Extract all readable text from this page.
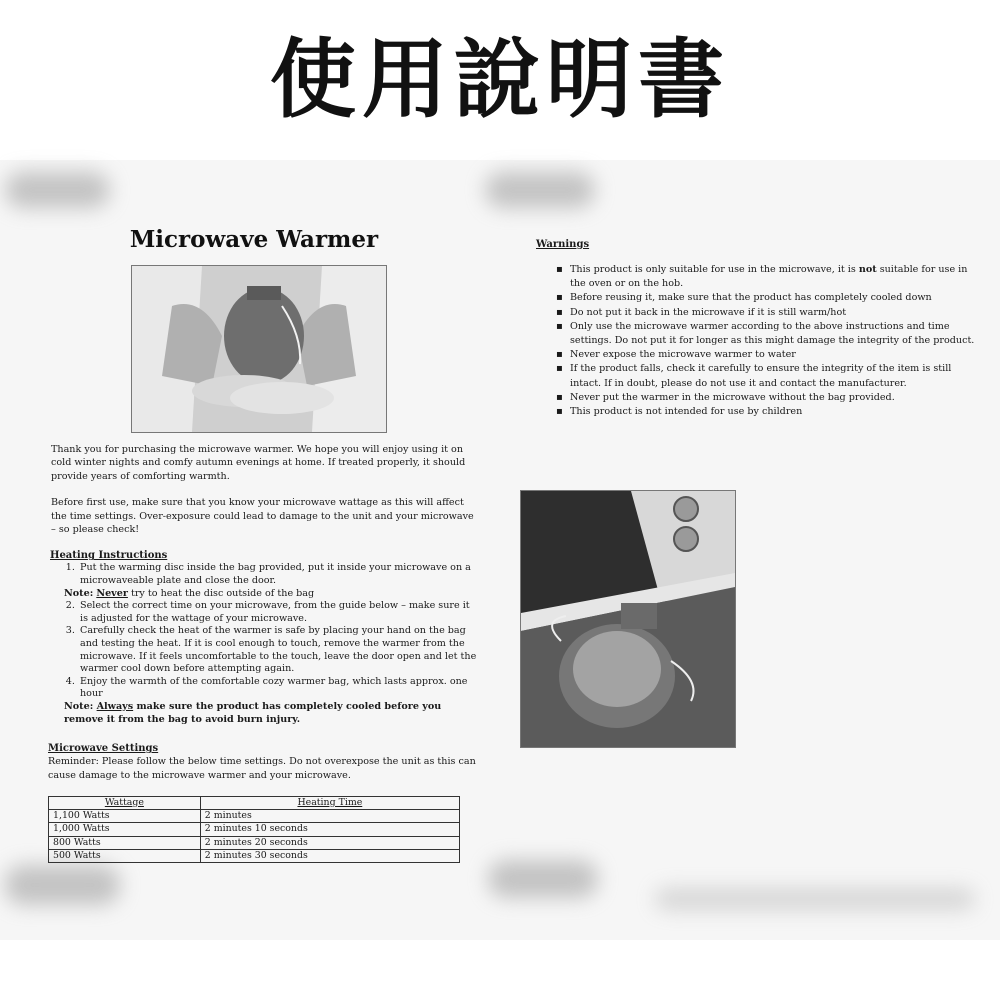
使用說明書
Microwave Warmer

Thank you for purchasing the microwave warmer. We hope you will enjoy using it on cold winter nights and comfy autumn evenings at home. If treated properly, it should provide years of comforting warmth.

Before first use, make sure that you know your microwave wattage as this will affect the time settings. Over-exposure could lead to damage to the unit and your microwave – so please check!

Heating Instructions

1. Put the warming disc inside the bag provided, put it inside your microwave on a microwaveable plate and close the door.
Note: Never try to heat the disc outside of the bag
2. Select the correct time on your microwave, from the guide below – make sure it is adjusted for the wattage of your microwave.
3. Carefully check the heat of the warmer is safe by placing your hand on the bag and testing the heat. If it is cool enough to touch, remove the warmer from the microwave. If it feels uncomfortable to the touch, leave the door open and let the warmer cool down before attempting again.
4. Enjoy the warmth of the comfortable cozy warmer bag, which lasts approx. one hour
Note: Always make sure the product has completely cooled before you remove it from the bag to avoid burn injury.

Microwave Settings

Reminder: Please follow the below time settings. Do not overexpose the unit as this can cause damage to the microwave warmer and your microwave.

Wattage	Heating Time
1,100 Watts	2 minutes
1,000 Watts	2 minutes 10 seconds
800 Watts	2 minutes 20 seconds
500 Watts	2 minutes 30 seconds

Warnings

▪ This product is only suitable for use in the microwave, it is not suitable for use in the oven or on the hob.
▪ Before reusing it, make sure that the product has completely cooled down
▪ Do not put it back in the microwave if it is still warm/hot
▪ Only use the microwave warmer according to the above instructions and time settings. Do not put it for longer as this might damage the integrity of the product.
▪ Never expose the microwave warmer to water
▪ If the product falls, check it carefully to ensure the integrity of the item is still intact. If in doubt, please do not use it and contact the manufacturer.
▪ Never put the warmer in the microwave without the bag provided.
▪ This product is not intended for use by children
